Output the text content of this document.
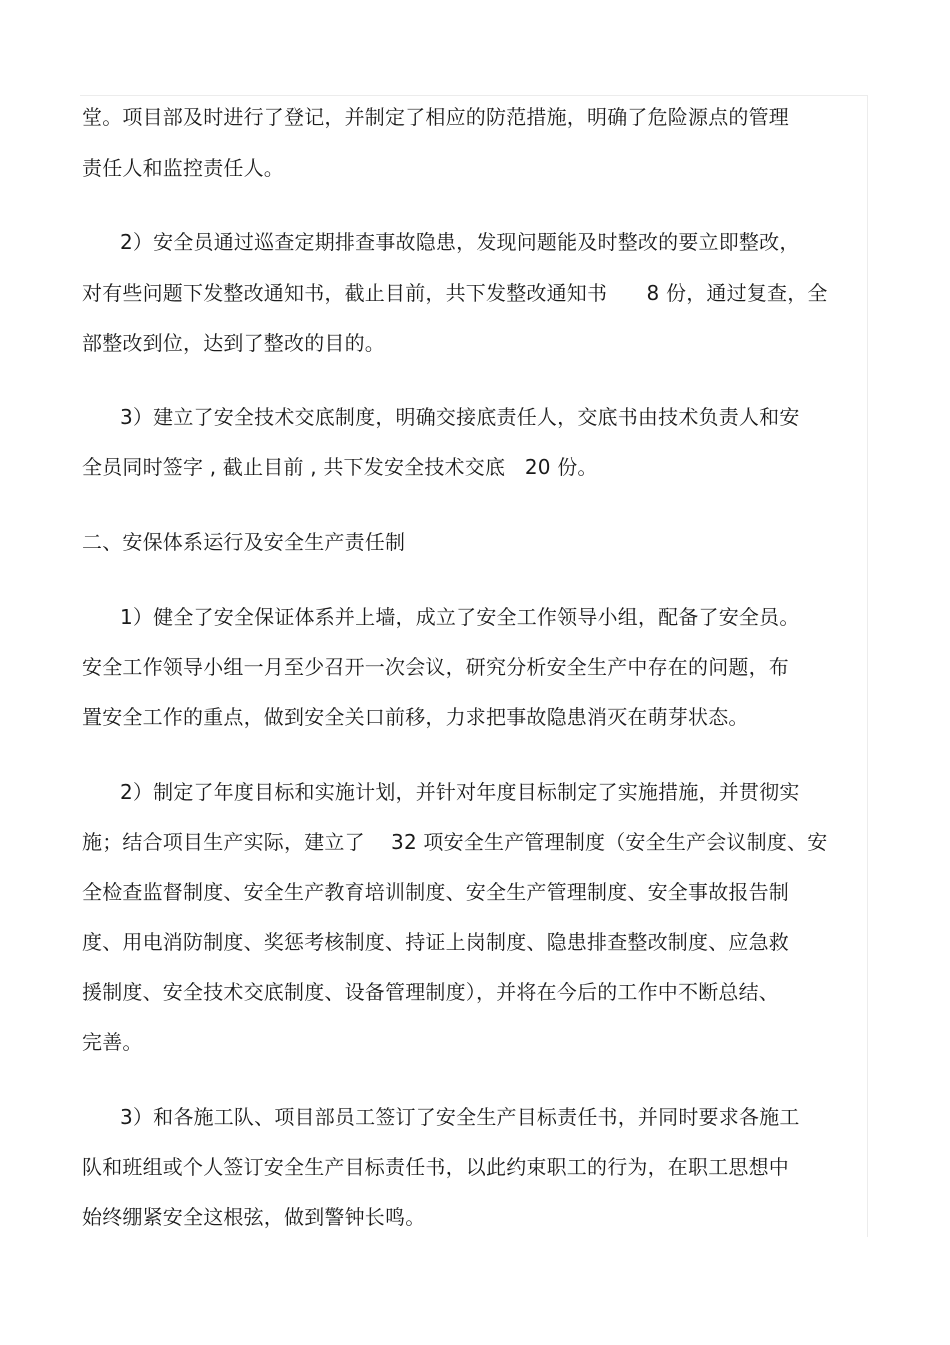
堂。项目部及时进行了登记，并制定了相应的防范措施，明确了危险源点的管理
责任人和监控责任人。
2）安全员通过巡查定期排查事故隐患，发现问题能及时整改的要立即整改，
对有些问题下发整改通知书，截止目前，共下发整改通知书      8 份，通过复查，全
部整改到位，达到了整改的目的。
3）建立了安全技术交底制度，明确交接底责任人，交底书由技术负责人和安
全员同时签字 , 截止目前 , 共下发安全技术交底   20 份。
二、安保体系运行及安全生产责任制
1）健全了安全保证体系并上墙，成立了安全工作领导小组，配备了安全员。
安全工作领导小组一月至少召开一次会议，研究分析安全生产中存在的问题，布
置安全工作的重点，做到安全关口前移，力求把事故隐患消灭在萌芽状态。
2）制定了年度目标和实施计划，并针对年度目标制定了实施措施，并贯彻实
施；结合项目生产实际，建立了    32 项安全生产管理制度（安全生产会议制度、安
全检查监督制度、安全生产教育培训制度、安全生产管理制度、安全事故报告制
度、用电消防制度、奖惩考核制度、持证上岗制度、隐患排查整改制度、应急救
援制度、安全技术交底制度、设备管理制度），并将在今后的工作中不断总结、
完善。
3）和各施工队、项目部员工签订了安全生产目标责任书，并同时要求各施工
队和班组或个人签订安全生产目标责任书，以此约束职工的行为，在职工思想中
始终绷紧安全这根弦，做到警钟长鸣。
